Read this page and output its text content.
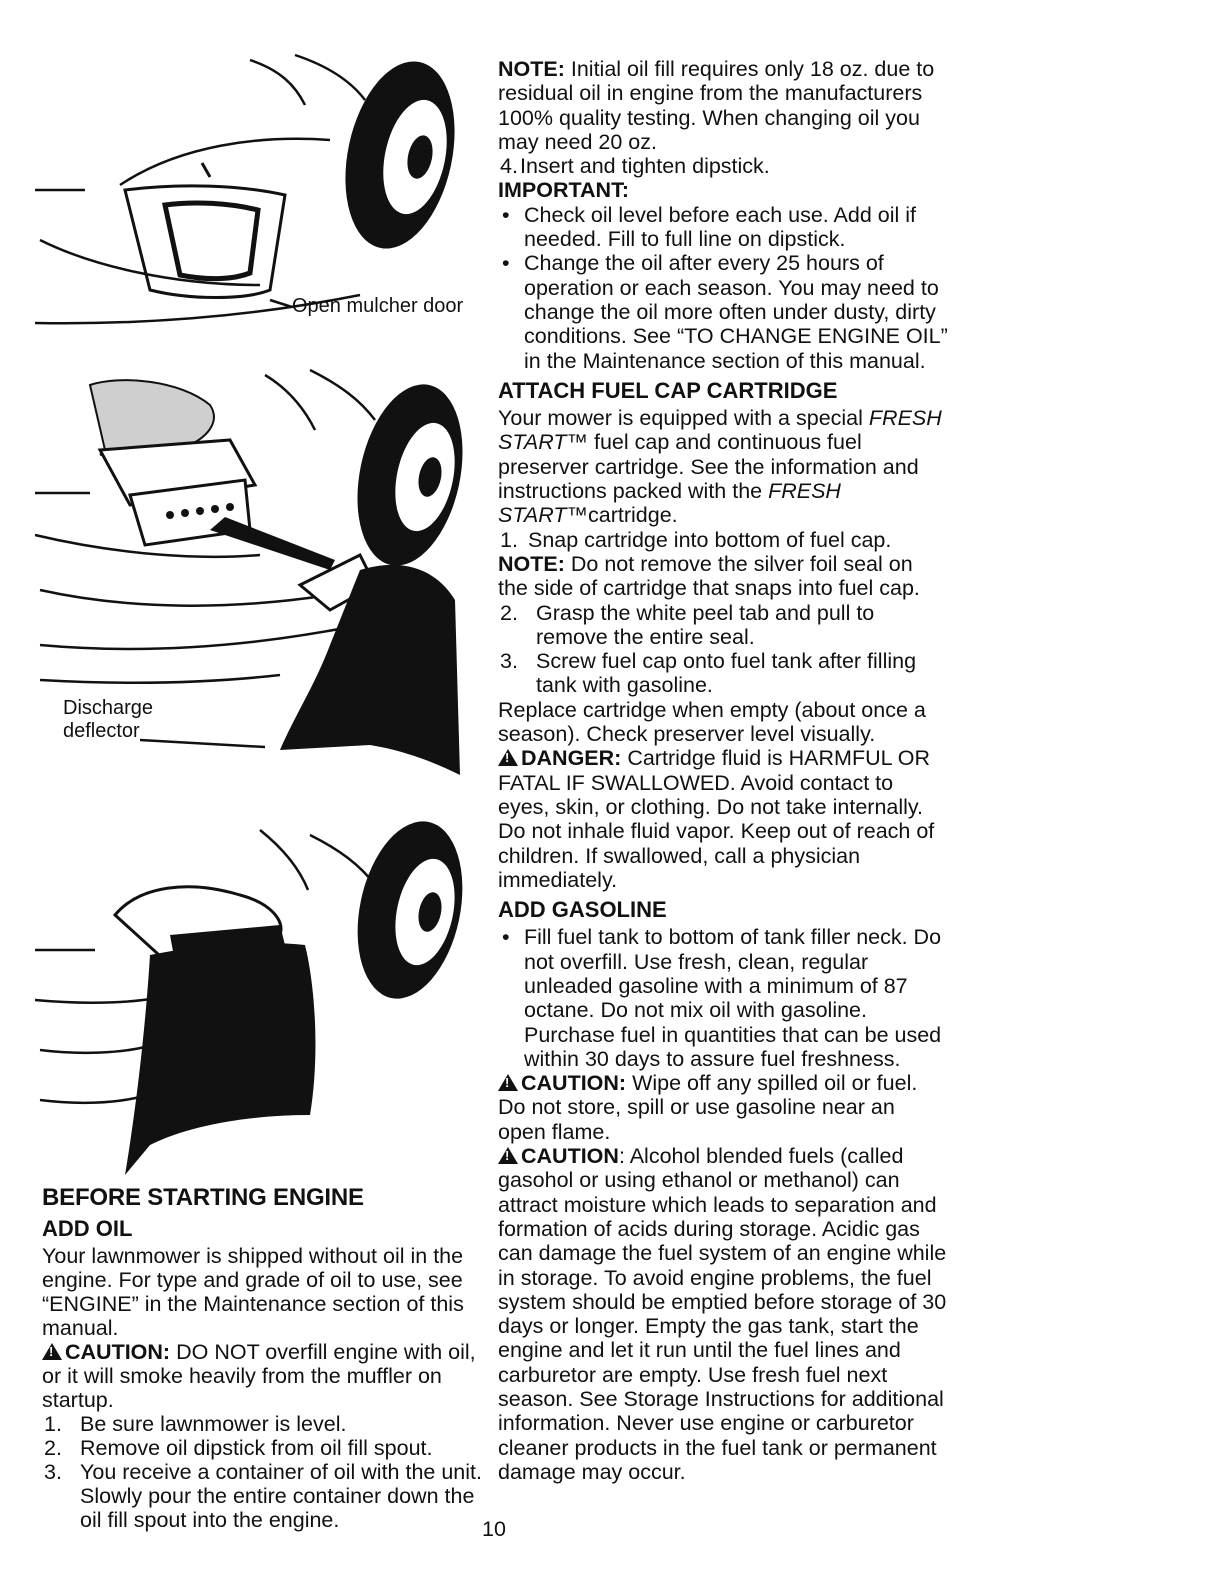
Open mulcher door
Discharge
deflector
BEFORE STARTING ENGINE
ADD OIL

Your lawnmower is shipped without oil in the engine. For type and grade of oil to use, see “ENGINE” in the Maintenance section of this manual.

!CAUTION: DO NOT overfill engine with oil, or it will smoke heavily from the muffler on startup.

1. Be sure lawnmower is level.
2. Remove oil dipstick from oil fill spout.
3. You receive a container of oil with the unit. Slowly pour the entire container down the oil fill spout into the engine.

NOTE: Initial oil fill requires only 18 oz. due to residual oil in engine from the manufacturers 100% quality testing. When changing oil you may need 20 oz.

4. Insert and tighten dipstick.
IMPORTANT:
• Check oil level before each use. Add oil if needed. Fill to full line on dipstick.
• Change the oil after every 25 hours of operation or each season. You may need to change the oil more often under dusty, dirty conditions. See “TO CHANGE ENGINE OIL” in the Maintenance section of this manual.
ATTACH FUEL CAP CARTRIDGE

Your mower is equipped with a special FRESH START™ fuel cap and continuous fuel preserver cartridge. See the information and instructions packed with the FRESH START™cartridge.

1. Snap cartridge into bottom of fuel cap.

NOTE: Do not remove the silver foil seal on the side of cartridge that snaps into fuel cap.

2. Grasp the white peel tab and pull to remove the entire seal.
3. Screw fuel cap onto fuel tank after filling tank with gasoline.

Replace cartridge when empty (about once a season). Check preserver level visually.

!DANGER: Cartridge fluid is HARMFUL OR FATAL IF SWALLOWED. Avoid contact to eyes, skin, or clothing. Do not take internally. Do not inhale fluid vapor. Keep out of reach of children. If swallowed, call a physician immediately.

ADD GASOLINE
• Fill fuel tank to bottom of tank filler neck. Do not overfill. Use fresh, clean, regular unleaded gasoline with a minimum of 87 octane. Do not mix oil with gasoline. Purchase fuel in quantities that can be used within 30 days to assure fuel freshness.

!CAUTION: Wipe off any spilled oil or fuel. Do not store, spill or use gasoline near an open flame.

!CAUTION: Alcohol blended fuels (called gasohol or using ethanol or methanol) can attract moisture which leads to separation and formation of acids during storage. Acidic gas can damage the fuel system of an engine while in storage. To avoid engine problems, the fuel system should be emptied before storage of 30 days or longer. Empty the gas tank, start the engine and let it run until the fuel lines and carburetor are empty. Use fresh fuel next season. See Storage Instructions for additional information. Never use engine or carburetor cleaner products in the fuel tank or permanent damage may occur.

10
